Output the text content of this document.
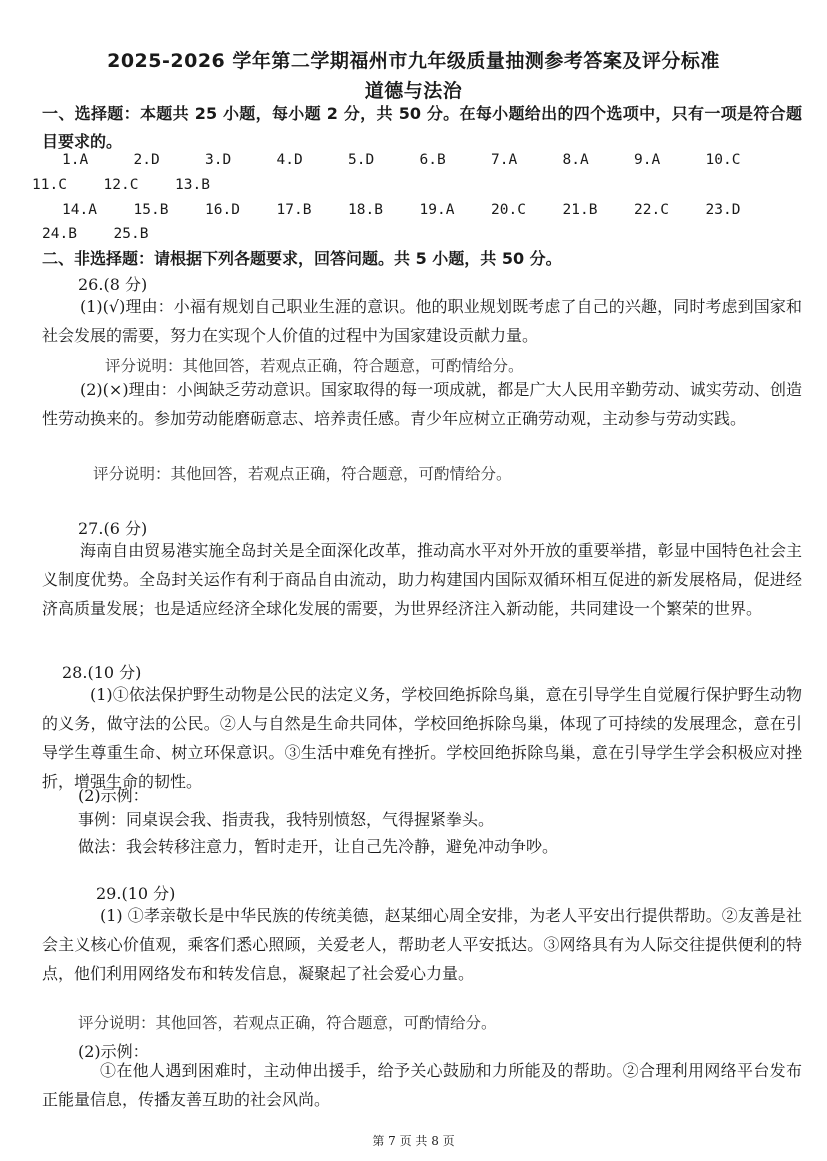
2025-2026 学年第二学期福州市九年级质量抽测参考答案及评分标准
道德与法治
一、选择题：本题共 25 小题，每小题 2 分，共 50 分。在每小题给出的四个选项中，只有一项是符合题目要求的。
1.A	2.D	3.D	4.D	5.D	6.B	7.A	8.A	9.A	10.C
11.C	12.C	13.B
14.A	15.B	16.D	17.B	18.B	19.A	20.C	21.B	22.C	23.D
24.B	25.B
二、非选择题：请根据下列各题要求，回答问题。共 5 小题，共 50 分。
26.(8 分)
(1)(√)理由：小福有规划自己职业生涯的意识。他的职业规划既考虑了自己的兴趣，同时考虑到国家和社会发展的需要，努力在实现个人价值的过程中为国家建设贡献力量。
评分说明：其他回答，若观点正确，符合题意，可酌情给分。
(2)(×)理由：小闽缺乏劳动意识。国家取得的每一项成就，都是广大人民用辛勤劳动、诚实劳动、创造性劳动换来的。参加劳动能磨砺意志、培养责任感。青少年应树立正确劳动观，主动参与劳动实践。
评分说明：其他回答，若观点正确，符合题意，可酌情给分。
27.(6 分)
海南自由贸易港实施全岛封关是全面深化改革，推动高水平对外开放的重要举措，彰显中国特色社会主义制度优势。全岛封关运作有利于商品自由流动，助力构建国内国际双循环相互促进的新发展格局，促进经济高质量发展；也是适应经济全球化发展的需要，为世界经济注入新动能，共同建设一个繁荣的世界。
28.(10 分)
(1)①依法保护野生动物是公民的法定义务，学校回绝拆除鸟巢，意在引导学生自觉履行保护野生动物的义务，做守法的公民。②人与自然是生命共同体，学校回绝拆除鸟巢，体现了可持续的发展理念，意在引导学生尊重生命、树立环保意识。③生活中难免有挫折。学校回绝拆除鸟巢，意在引导学生学会积极应对挫折，增强生命的韧性。
(2)示例：
事例：同桌误会我、指责我，我特别愤怒，气得握紧拳头。
做法：我会转移注意力，暂时走开，让自己先冷静，避免冲动争吵。
29.(10 分)
(1) ①孝亲敬长是中华民族的传统美德，赵某细心周全安排，为老人平安出行提供帮助。②友善是社会主义核心价值观，乘客们悉心照顾，关爱老人，帮助老人平安抵达。③网络具有为人际交往提供便利的特点，他们利用网络发布和转发信息，凝聚起了社会爱心力量。
评分说明：其他回答，若观点正确，符合题意，可酌情给分。
(2)示例：
①在他人遇到困难时，主动伸出援手，给予关心鼓励和力所能及的帮助。②合理利用网络平台发布正能量信息，传播友善互助的社会风尚。
第 7 页 共 8 页
